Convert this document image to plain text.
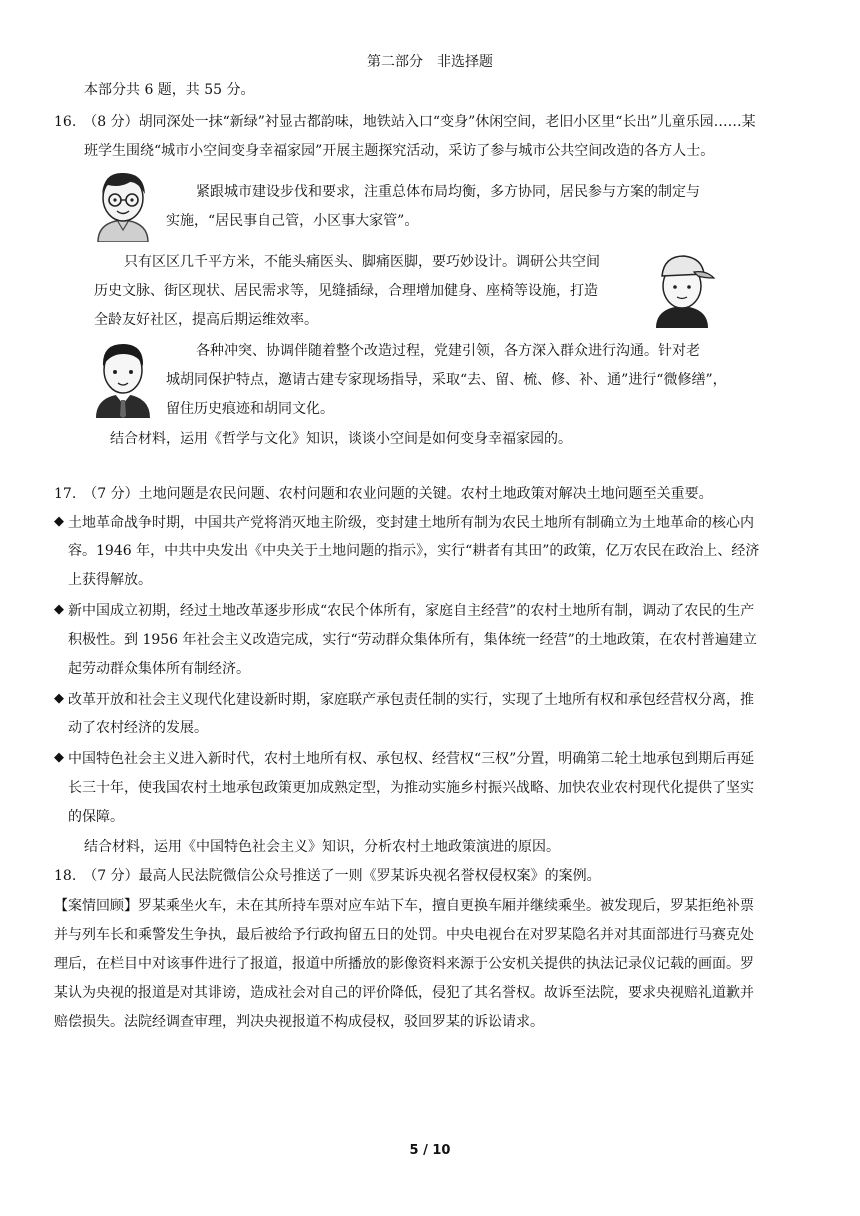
第二部分　非选择题
本部分共 6 题，共 55 分。
16.　（8 分）胡同深处一抹“新绿”衬显古都韵味，地铁站入口“变身”休闲空间，老旧小区里“长出”儿童乐园……某
班学生围绕“城市小空间变身幸福家园”开展主题探究活动，采访了参与城市公共空间改造的各方人士。
紧跟城市建设步伐和要求，注重总体布局均衡，多方协同，居民参与方案的制定与
实施，“居民事自己管，小区事大家管”。
只有区区几千平方米，不能头痛医头、脚痛医脚，要巧妙设计。调研公共空间
历史文脉、街区现状、居民需求等，见缝插绿，合理增加健身、座椅等设施，打造
全龄友好社区，提高后期运维效率。
各种冲突、协调伴随着整个改造过程，党建引领，各方深入群众进行沟通。针对老
城胡同保护特点，邀请古建专家现场指导，采取“去、留、梳、修、补、通”进行“微修缮”，
留住历史痕迹和胡同文化。
结合材料，运用《哲学与文化》知识，谈谈小空间是如何变身幸福家园的。
17.　（7 分）土地问题是农民问题、农村问题和农业问题的关键。农村土地政策对解决土地问题至关重要。
◆ 土地革命战争时期，中国共产党将消灭地主阶级，变封建土地所有制为农民土地所有制确立为土地革命的核心内
容。1946 年，中共中央发出《中央关于土地问题的指示》，实行“耕者有其田”的政策，亿万农民在政治上、经济
上获得解放。
◆ 新中国成立初期，经过土地改革逐步形成“农民个体所有，家庭自主经营”的农村土地所有制，调动了农民的生产
积极性。到 1956 年社会主义改造完成，实行“劳动群众集体所有，集体统一经营”的土地政策，在农村普遍建立
起劳动群众集体所有制经济。
◆ 改革开放和社会主义现代化建设新时期，家庭联产承包责任制的实行，实现了土地所有权和承包经营权分离，推
动了农村经济的发展。
◆ 中国特色社会主义进入新时代，农村土地所有权、承包权、经营权“三权”分置，明确第二轮土地承包到期后再延
长三十年，使我国农村土地承包政策更加成熟定型，为推动实施乡村振兴战略、加快农业农村现代化提供了坚实
的保障。
结合材料，运用《中国特色社会主义》知识，分析农村土地政策演进的原因。
18.　（7 分）最高人民法院微信公众号推送了一则《罗某诉央视名誉权侵权案》的案例。
【案情回顾】罗某乘坐火车，未在其所持车票对应车站下车，擅自更换车厢并继续乘坐。被发现后，罗某拒绝补票
并与列车长和乘警发生争执，最后被给予行政拘留五日的处罚。中央电视台在对罗某隐名并对其面部进行马赛克处
理后，在栏目中对该事件进行了报道，报道中所播放的影像资料来源于公安机关提供的执法记录仪记载的画面。罗
某认为央视的报道是对其诽谤，造成社会对自己的评价降低，侵犯了其名誉权。故诉至法院，要求央视赔礼道歉并
赔偿损失。法院经调查审理，判决央视报道不构成侵权，驳回罗某的诉讼请求。
5 / 10
